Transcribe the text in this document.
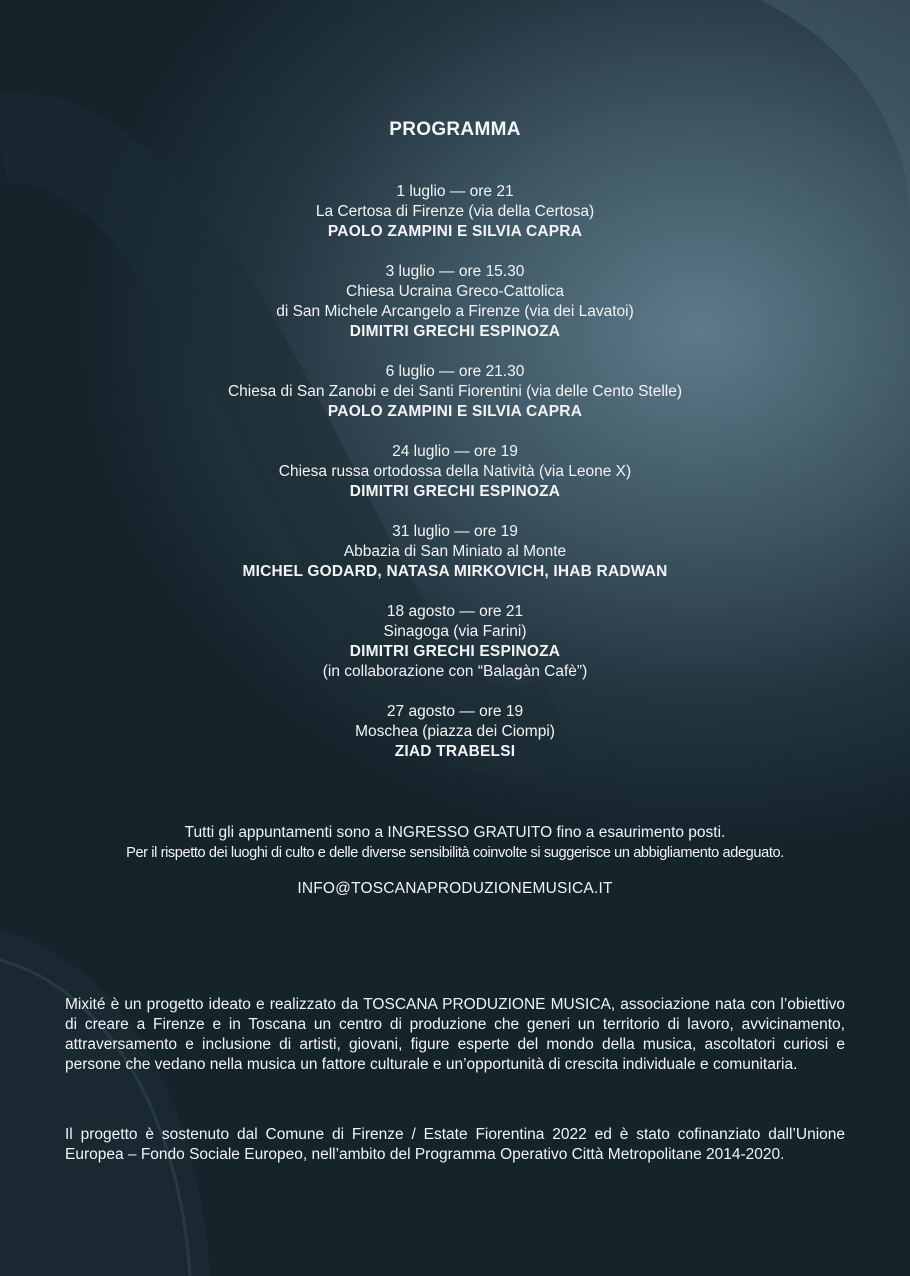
PROGRAMMA
1 luglio — ore 21
La Certosa di Firenze (via della Certosa)
PAOLO ZAMPINI E SILVIA CAPRA
3 luglio — ore 15.30
Chiesa Ucraina Greco-Cattolica
di San Michele Arcangelo a Firenze (via dei Lavatoi)
DIMITRI GRECHI ESPINOZA
6 luglio — ore 21.30
Chiesa di San Zanobi e dei Santi Fiorentini (via delle Cento Stelle)
PAOLO ZAMPINI E SILVIA CAPRA
24 luglio — ore 19
Chiesa russa ortodossa della Natività (via Leone X)
DIMITRI GRECHI ESPINOZA
31 luglio — ore 19
Abbazia di San Miniato al Monte
MICHEL GODARD, NATASA MIRKOVICH, IHAB RADWAN
18 agosto — ore 21
Sinagoga (via Farini)
DIMITRI GRECHI ESPINOZA
(in collaborazione con “Balagàn Cafè”)
27 agosto — ore 19
Moschea (piazza dei Ciompi)
ZIAD TRABELSI
Tutti gli appuntamenti sono a INGRESSO GRATUITO fino a esaurimento posti.
Per il rispetto dei luoghi di culto e delle diverse sensibilità coinvolte si suggerisce un abbigliamento adeguato.
INFO@TOSCANAPRODUZIONEMUSICA.IT
Mixité è un progetto ideato e realizzato da TOSCANA PRODUZIONE MUSICA, associazione nata con l’obiettivo di creare a Firenze e in Toscana un centro di produzione che generi un territorio di lavoro, avvicinamento, attraversamento e inclusione di artisti, giovani, figure esperte del mondo della musica, ascoltatori curiosi e persone che vedano nella musica un fattore culturale e un’opportunità di crescita individuale e comunitaria.
Il progetto è sostenuto dal Comune di Firenze / Estate Fiorentina 2022 ed è stato cofinanziato dall’Unione Europea – Fondo Sociale Europeo, nell’ambito del Programma Operativo Città Metropolitane 2014-2020.
